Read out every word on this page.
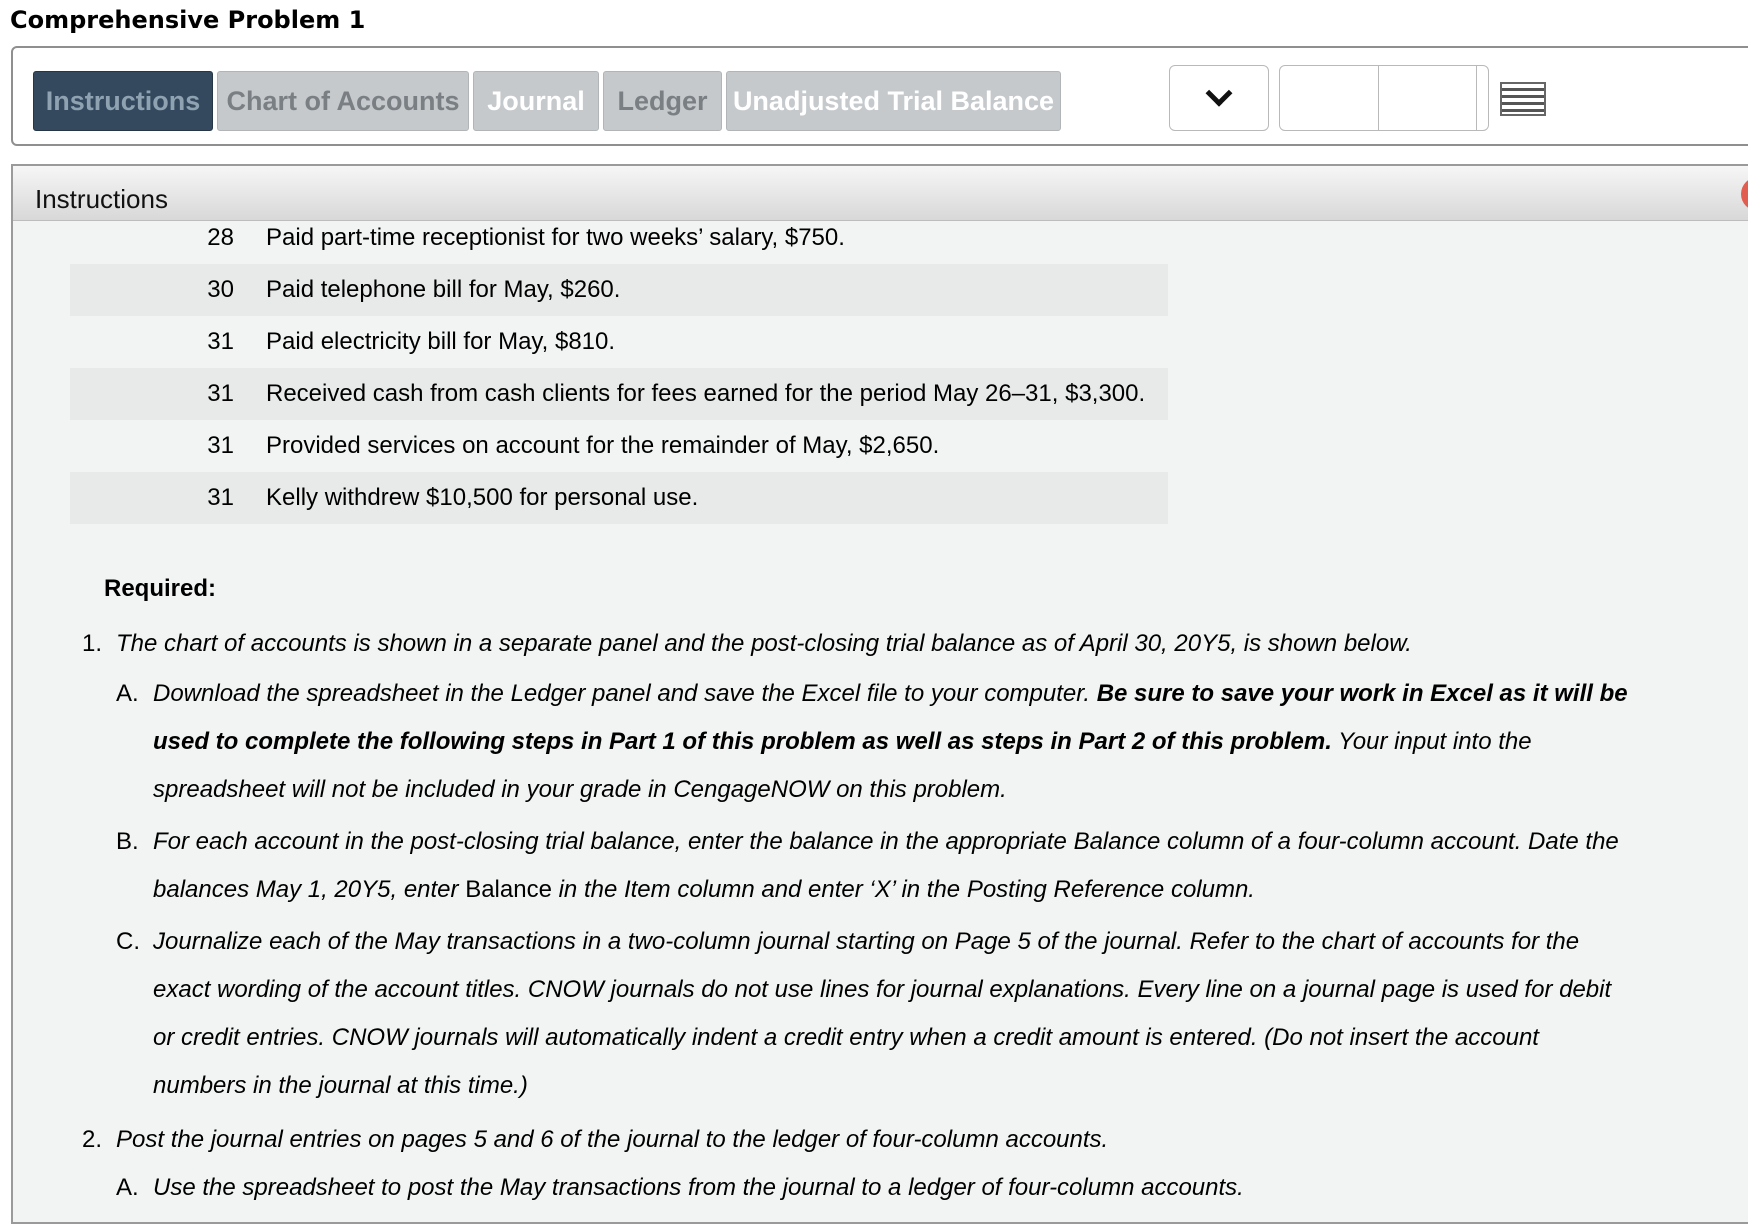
Comprehensive Problem 1
Instructions Chart of Accounts	Journal	Ledger Unadjusted Trial Balance
Instructions
28 Paid part-time receptionist for two weeks’ salary, $750.
30 Paid telephone bill for May, $260.
31 Paid electricity bill for May, $810.
31 Received cash from cash clients for fees earned for the period May 26–31, $3,300.
31 Provided services on account for the remainder of May, $2,650.
31 Kelly withdrew $10,500 for personal use.
Required:
1. The chart of accounts is shown in a separate panel and the post-closing trial balance as of April 30, 20Y5, is shown below.
A. Download the spreadsheet in the Ledger panel and save the Excel file to your computer. Be sure to save your work in Excel as it will be
used to complete the following steps in Part 1 of this problem as well as steps in Part 2 of this problem. Your input into the
spreadsheet will not be included in your grade in CengageNOW on this problem.
B. For each account in the post-closing trial balance, enter the balance in the appropriate Balance column of a four-column account. Date the
balances May 1, 20Y5, enter Balance in the Item column and enter ‘X’ in the Posting Reference column.
C. Journalize each of the May transactions in a two-column journal starting on Page 5 of the journal. Refer to the chart of accounts for the
exact wording of the account titles. CNOW journals do not use lines for journal explanations. Every line on a journal page is used for debit
or credit entries. CNOW journals will automatically indent a credit entry when a credit amount is entered. (Do not insert the account
numbers in the journal at this time.)
2. Post the journal entries on pages 5 and 6 of the journal to the ledger of four-column accounts.
A. Use the spreadsheet to post the May transactions from the journal to a ledger of four-column accounts.
